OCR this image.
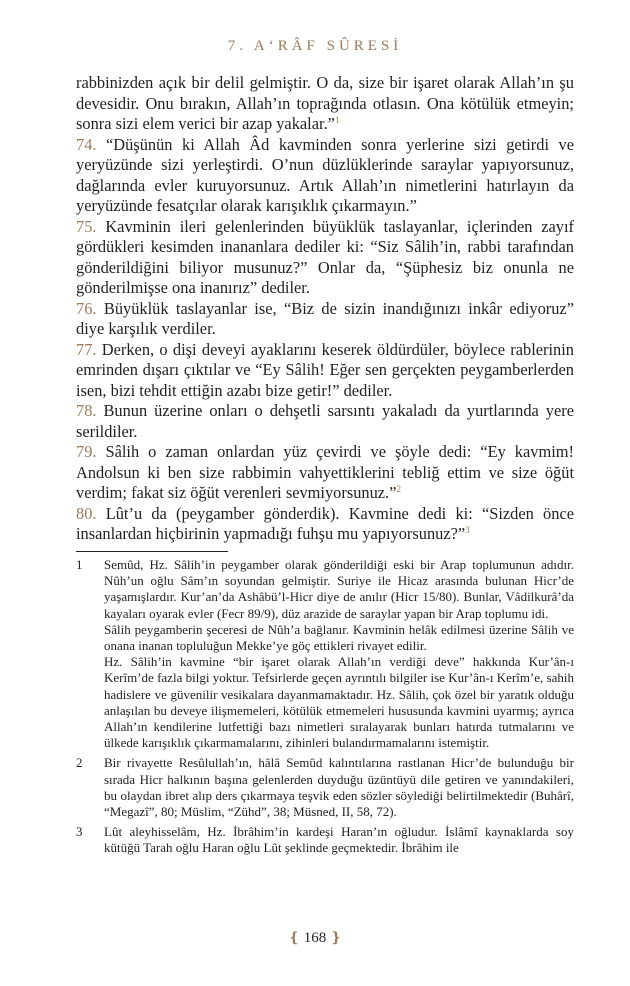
7. A‘RÂF SÛRESİ

rabbinizden açık bir delil gelmiştir. O da, size bir işaret olarak Allah’ın şu devesidir. Onu bırakın, Allah’ın toprağında otlasın. Ona kötülük etmeyin; sonra sizi elem verici bir azap yakalar.”$^1$

74. “Düşünün ki Allah Âd kavminden sonra yerlerine sizi getirdi ve yeryüzünde sizi yerleştirdi. O’nun düzlüklerinde saraylar yapıyorsunuz, dağlarında evler kuruyorsunuz. Artık Allah’ın nimetlerini hatırlayın da yeryüzünde fesatçılar olarak karışıklık çıkarmayın.”

75. Kavminin ileri gelenlerinden büyüklük taslayanlar, içlerinden zayıf gördükleri kesimden inananlara dediler ki: “Siz Sâlih’in, rabbi tarafından gönderildiğini biliyor musunuz?” Onlar da, “Şüphesiz biz onunla ne gönderilmişse ona inanırız” dediler.

76. Büyüklük taslayanlar ise, “Biz de sizin inandığınızı inkâr ediyoruz” diye karşılık verdiler.

77. Derken, o dişi deveyi ayaklarını keserek öldürdüler, böylece rablerinin emrinden dışarı çıktılar ve “Ey Sâlih! Eğer sen gerçekten peygamberlerden isen, bizi tehdit ettiğin azabı bize getir!” dediler.

78. Bunun üzerine onları o dehşetli sarsıntı yakaladı da yurtlarında yere serildiler.

79. Sâlih o zaman onlardan yüz çevirdi ve şöyle dedi: “Ey kavmim! Andolsun ki ben size rabbimin vahyettiklerini tebliğ ettim ve size öğüt verdim; fakat siz öğüt verenleri sevmiyorsunuz.”$^2$

80. Lût’u da (peygamber gönderdik). Kavmine dedi ki: “Sizden önce insanlardan hiçbirinin yapmadığı fuhşu mu yapıyorsunuz?”$^3$

1 Semûd, Hz. Sâlih’in peygamber olarak gönderildiği eski bir Arap toplumunun adıdır. Nûh’un oğlu Sâm’ın soyundan gelmiştir. Suriye ile Hicaz arasında bulunan Hicr’de yaşamışlardır. Kur’an’da Ashâbü’l-Hicr diye de anılır (Hicr 15/80). Bunlar, Vâdilkurâ’da kayaları oyarak evler (Fecr 89/9), düz arazide de saraylar yapan bir Arap toplumu idi.

Sâlih peygamberin şeceresi de Nûh’a bağlanır. Kavminin helâk edilmesi üzerine Sâlih ve onana inanan topluluğun Mekke’ye göç ettikleri rivayet edilir.

Hz. Sâlih’in kavmine “bir işaret olarak Allah’ın verdiği deve” hakkında Kur’ân-ı Kerîm’de fazla bilgi yoktur. Tefsirlerde geçen ayrıntılı bilgiler ise Kur’ân-ı Kerîm’e, sahih hadislere ve güvenilir vesikalara dayanmamaktadır. Hz. Sâlih, çok özel bir yaratık olduğu anlaşılan bu deveye ilişmemeleri, kötülük etmemeleri hususunda kavmini uyarmış; ayrıca Allah’ın kendilerine lutfettiği bazı nimetleri sıralayarak bunları hatırda tutmalarını ve ülkede karışıklık çıkarmamalarını, zihinleri bulandırmamalarını istemiştir.

2 Bir rivayette Resûlullah’ın, hâlâ Semûd kalıntılarına rastlanan Hicr’de bulunduğu bir sırada Hicr halkının başına gelenlerden duyduğu üzüntüyü dile getiren ve yanındakileri, bu olaydan ibret alıp ders çıkarmaya teşvik eden sözler söylediği belirtilmektedir (Buhârî, “Megazî”, 80; Müslim, “Zühd”, 38; Müsned, II, 58, 72).

3 Lût aleyhisselâm, Hz. İbrâhim’in kardeşi Haran’ın oğludur. İslâmî kaynaklarda soy kütüğü Tarah oğlu Haran oğlu Lût şeklinde geçmektedir. İbrâhim ile

❴ 168 ❵
